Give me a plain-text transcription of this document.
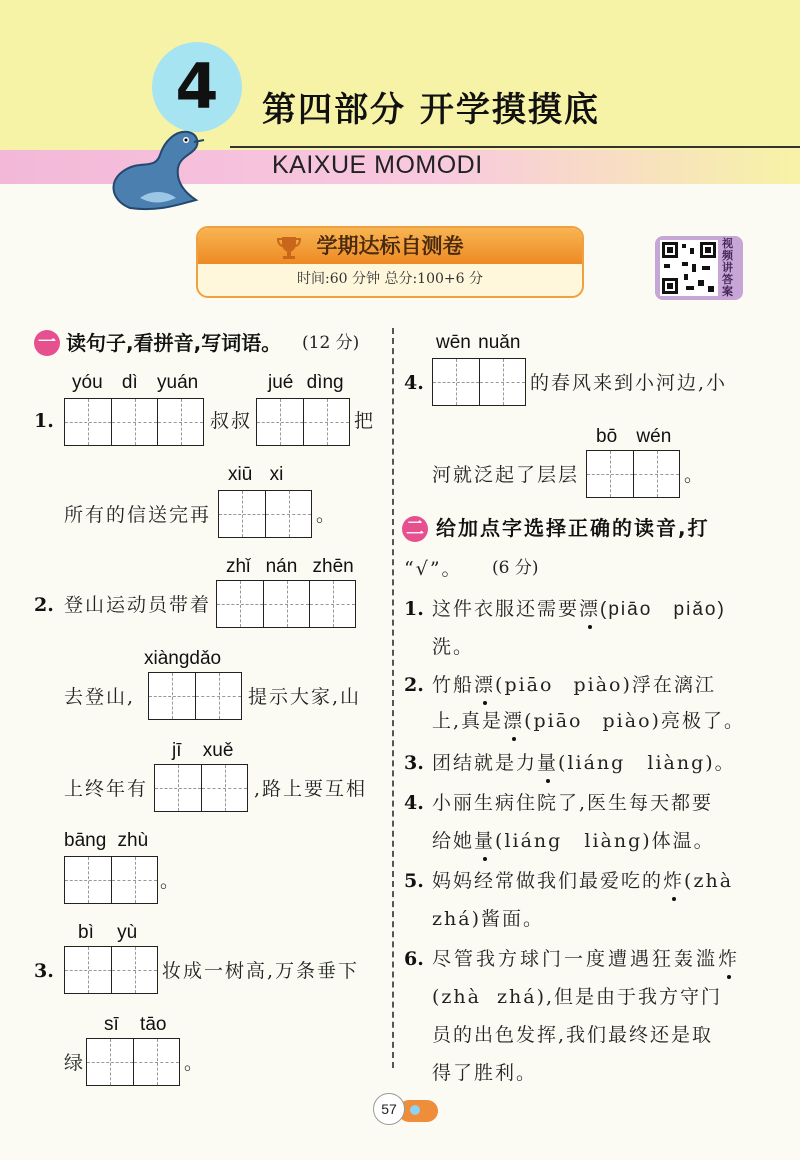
4	第四部分 开学摸摸底
KAIXUE MOMODI
学期达标自测卷
时间:60 分钟 总分:100+6 分
视频讲答案
一 读句子,看拼音,写词语。 (12 分)
yóu dì yuán	jué dìng
1.	叔叔	把
xiū xi
所有的信送完再	。
zhǐ nán zhēn
2. 登山运动员带着
xiàngdǎo
去登山,	提示大家,山
jī xuě
上终年有	,路上要互相
bāng zhù
。
bì yù
3.	妆成一树高,万条垂下
sī tāo
绿	。
wēn nuǎn
4.	的春风来到小河边,小
bō wén
河就泛起了层层	。
二 给加点字选择正确的读音,打
“√”。 (6 分)
1. 这件衣服还需要漂(piāo piǎo)
洗。
2. 竹船漂(piāo piào)浮在漓江
上,真是漂(piāo piào)亮极了。
3. 团结就是力量(liáng liàng)。
4. 小丽生病住院了,医生每天都要
给她量(liáng liàng)体温。
5. 妈妈经常做我们最爱吃的炸(zhà
zhá)酱面。
6. 尽管我方球门一度遭遇狂轰滥炸
(zhà zhá),但是由于我方守门
员的出色发挥,我们最终还是取
得了胜利。
57
